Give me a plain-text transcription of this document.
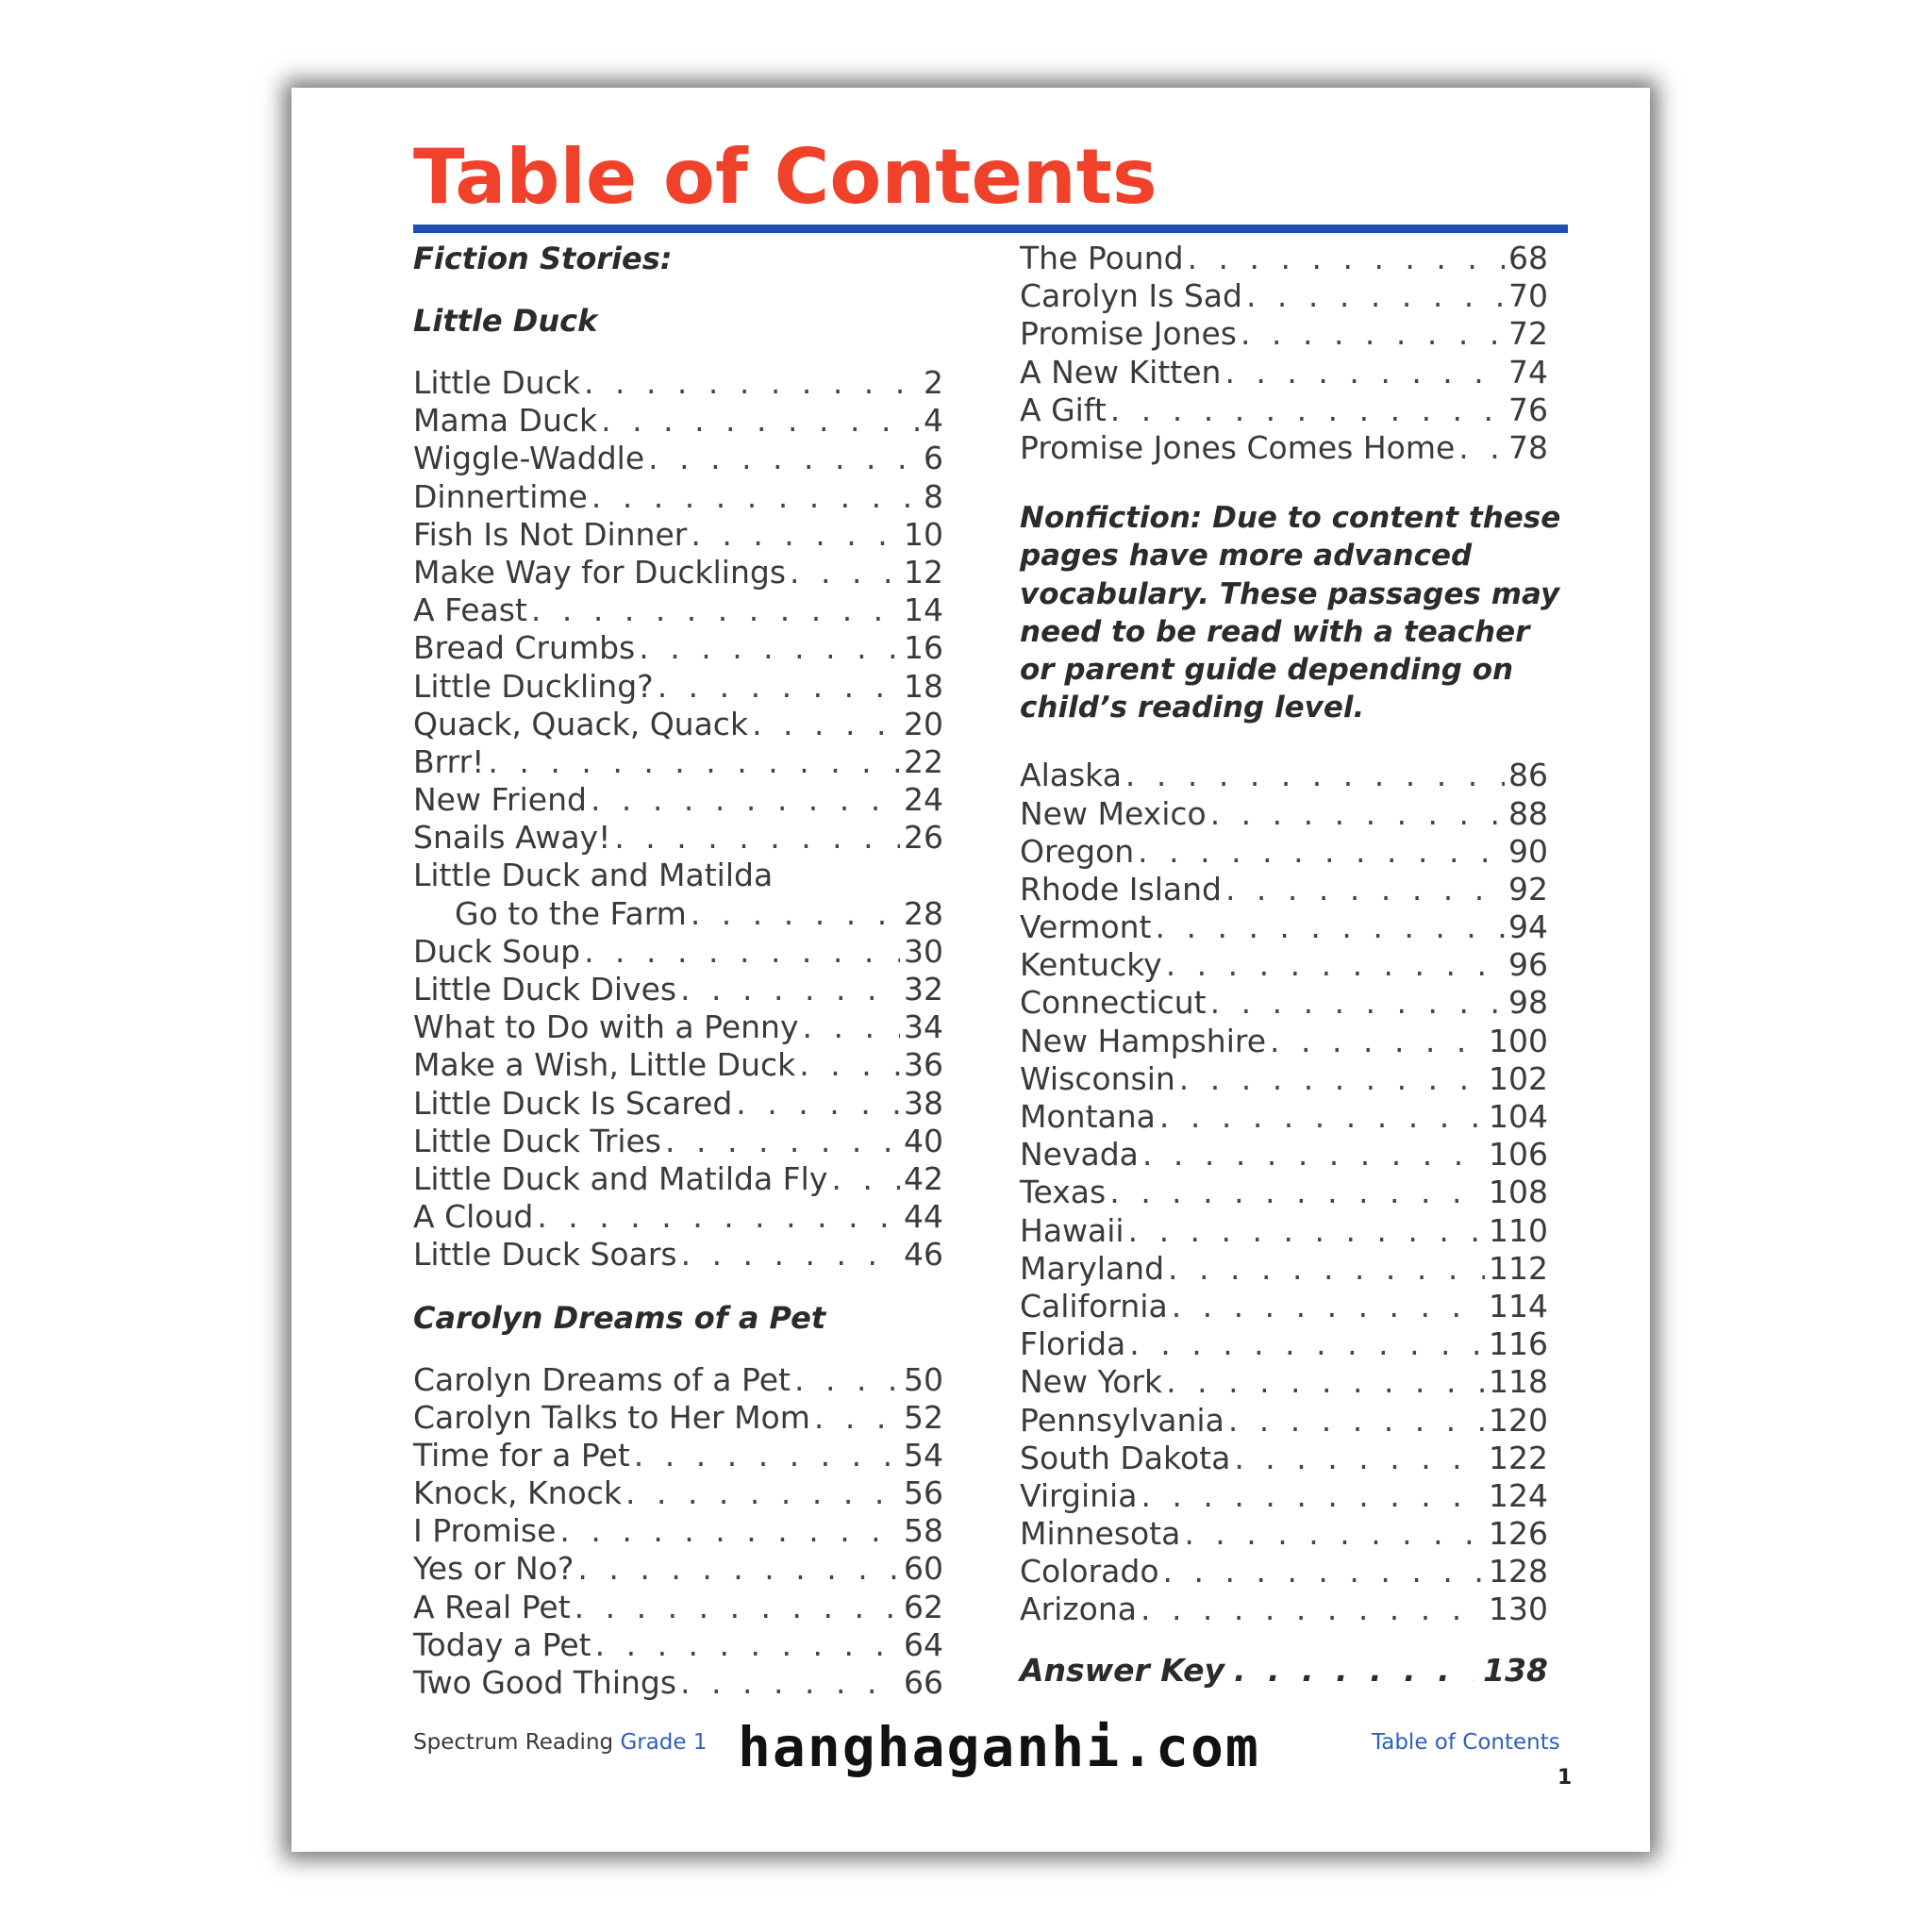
Table of Contents
Fiction Stories:
Little Duck
Little Duck . . .	2
Mama Duck . . .	4
Wiggle-Waddle . . .	6
Dinnertime . . .	8
Fish Is Not Dinner . . .	10
Make Way for Ducklings . . .	12
A Feast . . .	14
Bread Crumbs . . .	16
Little Duckling? . . .	18
Quack, Quack, Quack . . .	20
Brrr! . . .	22
New Friend . . .	24
Snails Away! . . .	26
Little Duck and Matilda
Go to the Farm . . .	28
Duck Soup . . .	30
Little Duck Dives . . .	32
What to Do with a Penny . . .	34
Make a Wish, Little Duck . . .	36
Little Duck Is Scared . . .	38
Little Duck Tries . . .	40
Little Duck and Matilda Fly . . . 42
A Cloud . . .	44
Little Duck Soars . . .	46
Carolyn Dreams of a Pet
Carolyn Dreams of a Pet . . .	50
Carolyn Talks to Her Mom . . .	52
Time for a Pet . . .	54
Knock, Knock . . .	56
I Promise . . .	58
Yes or No? . . .	60
A Real Pet . . .	62
Today a Pet . . .	64
Two Good Things . . .	66
The Pound . . .	68
Carolyn Is Sad . . .	70
Promise Jones . . .	72
A New Kitten . . .	74
A Gift . . .	76
Promise Jones Comes Home . . . 78
Nonfiction: Due to content these pages have more advanced vocabulary. These passages may need to be read with a teacher or parent guide depending on child’s reading level.
Alaska . . .	86
New Mexico . . .	88
Oregon . . .	90
Rhode Island . . .	92
Vermont . . .	94
Kentucky . . .	96
Connecticut . . .	98
New Hampshire . . .	100
Wisconsin . . .	102
Montana . . .	104
Nevada . . .	106
Texas . . .	108
Hawaii . . .	110
Maryland . . .	112
California . . .	114
Florida . . .	116
New York . . .	118
Pennsylvania . . .	120
South Dakota . . .	122
Virginia . . .	124
Minnesota . . .	126
Colorado . . .	128
Arizona . . .	130
Answer Key . . .	138
Spectrum Reading Grade 1 hanghaganhi.com	Table of Contents
1
